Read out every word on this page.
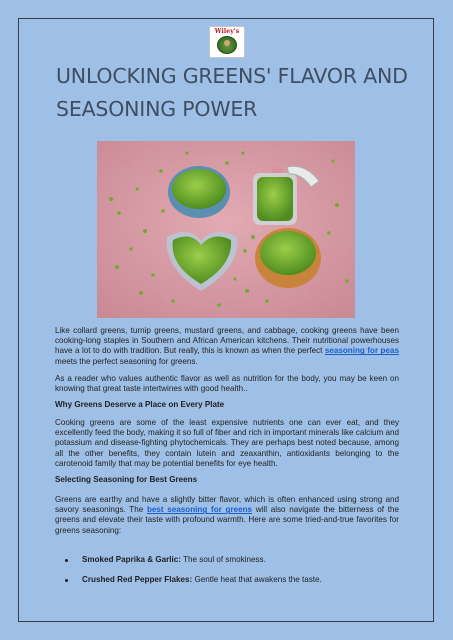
Wiley's
UNLOCKING GREENS' FLAVOR AND SEASONING POWER

Like collard greens, turnip greens, mustard greens, and cabbage, cooking greens have been cooking-long staples in Southern and African American kitchens. Their nutritional powerhouses have a lot to do with tradition. But really, this is known as when the perfect seasoning for peas meets the perfect seasoning for greens.

As a reader who values authentic flavor as well as nutrition for the body, you may be keen on knowing that great taste intertwines with good health..

Why Greens Deserve a Place on Every Plate

Cooking greens are some of the least expensive nutrients one can ever eat, and they excellently feed the body, making it so full of fiber and rich in important minerals like calcium and potassium and disease-fighting phytochemicals. They are perhaps best noted because, among all the other benefits, they contain lutein and zeaxanthin, antioxidants belonging to the carotenoid family that may be potential benefits for eye health.

Selecting Seasoning for Best Greens

Greens are earthy and have a slightly bitter flavor, which is often enhanced using strong and savory seasonings. The best seasoning for greens will also navigate the bitterness of the greens and elevate their taste with profound warmth. Here are some tried-and-true favorites for greens seasoning:

Smoked Paprika & Garlic: The soul of smokiness.
Crushed Red Pepper Flakes: Gentle heat that awakens the taste.
